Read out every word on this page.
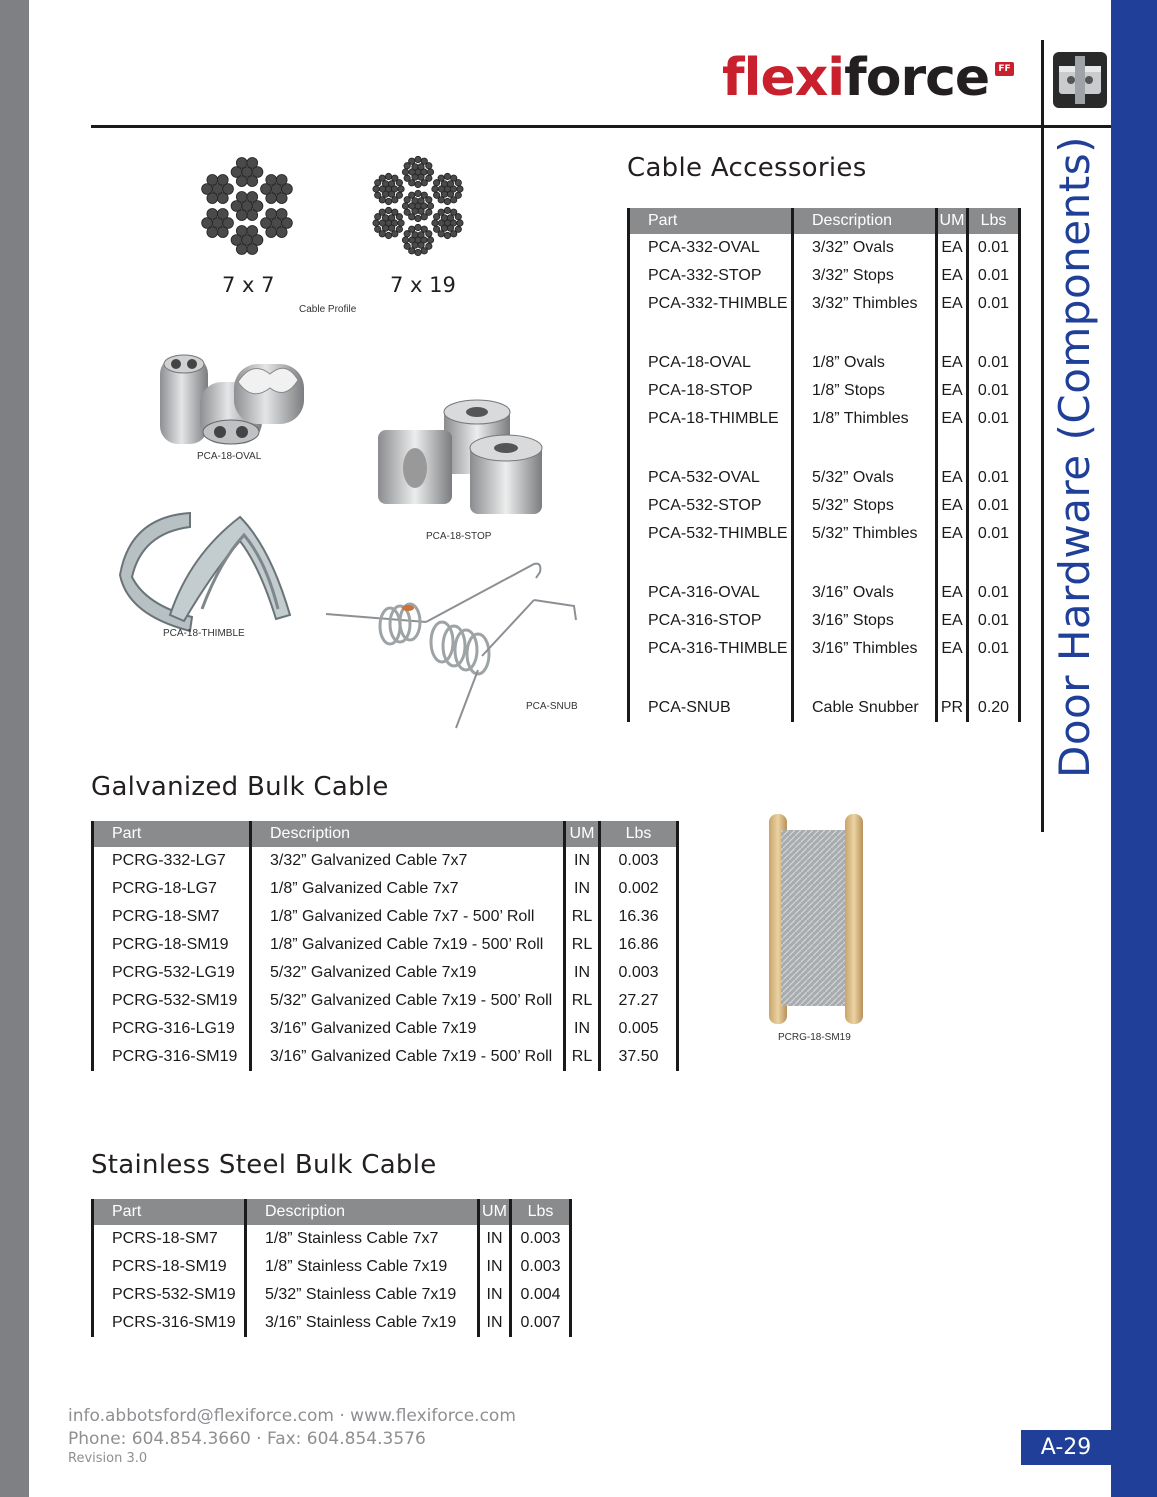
flexiforce	FF
Door Hardware (Components)
7 x 7	7 x 19
Cable Profile
PCA-18-OVAL
PCA-18-STOP
PCA-18-THIMBLE
PCA-SNUB
Cable Accessories
Part	Description	UM	Lbs
PCA-332-OVAL	3/32” Ovals	EA	0.01
PCA-332-STOP	3/32” Stops	EA	0.01
PCA-332-THIMBLE	3/32” Thimbles	EA	0.01

PCA-18-OVAL	1/8” Ovals	EA	0.01
PCA-18-STOP	1/8” Stops	EA	0.01
PCA-18-THIMBLE	1/8” Thimbles	EA	0.01

PCA-532-OVAL	5/32” Ovals	EA	0.01
PCA-532-STOP	5/32” Stops	EA	0.01
PCA-532-THIMBLE	5/32” Thimbles	EA	0.01

PCA-316-OVAL	3/16” Ovals	EA	0.01
PCA-316-STOP	3/16” Stops	EA	0.01
PCA-316-THIMBLE	3/16” Thimbles	EA	0.01

PCA-SNUB	Cable Snubber	PR	0.20
Galvanized Bulk Cable
Part	Description	UM	Lbs
PCRG-332-LG7	3/32” Galvanized Cable 7x7	IN	0.003
PCRG-18-LG7	1/8” Galvanized Cable 7x7	IN	0.002
PCRG-18-SM7	1/8” Galvanized Cable 7x7 - 500’ Roll	RL	16.36
PCRG-18-SM19	1/8” Galvanized Cable 7x19 - 500’ Roll	RL	16.86
PCRG-532-LG19	5/32” Galvanized Cable 7x19	IN	0.003
PCRG-532-SM19	5/32” Galvanized Cable 7x19 - 500’ Roll	RL	27.27
PCRG-316-LG19	3/16” Galvanized Cable 7x19	IN	0.005
PCRG-316-SM19	3/16” Galvanized Cable 7x19 - 500’ Roll	RL	37.50
PCRG-18-SM19
Stainless Steel Bulk Cable
Part	Description	UM	Lbs
PCRS-18-SM7	1/8” Stainless Cable 7x7	IN	0.003
PCRS-18-SM19	1/8” Stainless Cable 7x19	IN	0.003
PCRS-532-SM19	5/32” Stainless Cable 7x19	IN	0.004
PCRS-316-SM19	3/16” Stainless Cable 7x19	IN	0.007
info.abbotsford@flexiforce.com · www.flexiforce.com
Phone: 604.854.3660 · Fax: 604.854.3576
Revision 3.0	A-29
